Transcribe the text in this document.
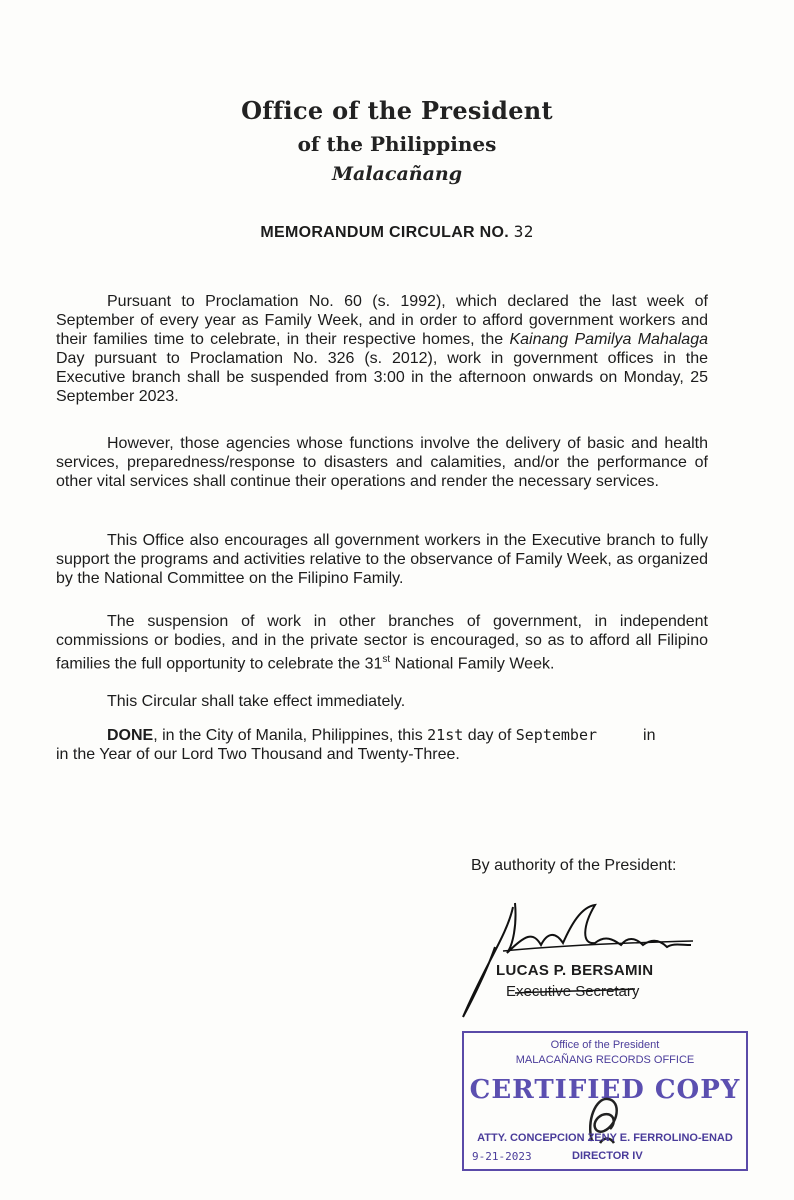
Office of the President
of the Philippines
Malacañang
MEMORANDUM CIRCULAR NO. 32

Pursuant to Proclamation No. 60 (s. 1992), which declared the last week of September of every year as Family Week, and in order to afford government workers and their families time to celebrate, in their respective homes, the Kainang Pamilya Mahalaga Day pursuant to Proclamation No. 326 (s. 2012), work in government offices in the Executive branch shall be suspended from 3:00 in the afternoon onwards on Monday, 25 September 2023.

However, those agencies whose functions involve the delivery of basic and health services, preparedness/response to disasters and calamities, and/or the performance of other vital services shall continue their operations and render the necessary services.

This Office also encourages all government workers in the Executive branch to fully support the programs and activities relative to the observance of Family Week, as organized by the National Committee on the Filipino Family.

The suspension of work in other branches of government, in independent commissions or bodies, and in the private sector is encouraged, so as to afford all Filipino families the full opportunity to celebrate the 31st National Family Week.

This Circular shall take effect immediately.

DONE, in the City of Manila, Philippines, this 21st day of September	in

in the Year of our Lord Two Thousand and Twenty-Three.
By authority of the President:
LUCAS P. BERSAMIN
Executive Secretary
Office of the President
MALACAÑANG RECORDS OFFICE
CERTIFIED COPY
ATTY. CONCEPCION ZENY E. FERROLINO-ENAD
9-21-2023	DIRECTOR IV
